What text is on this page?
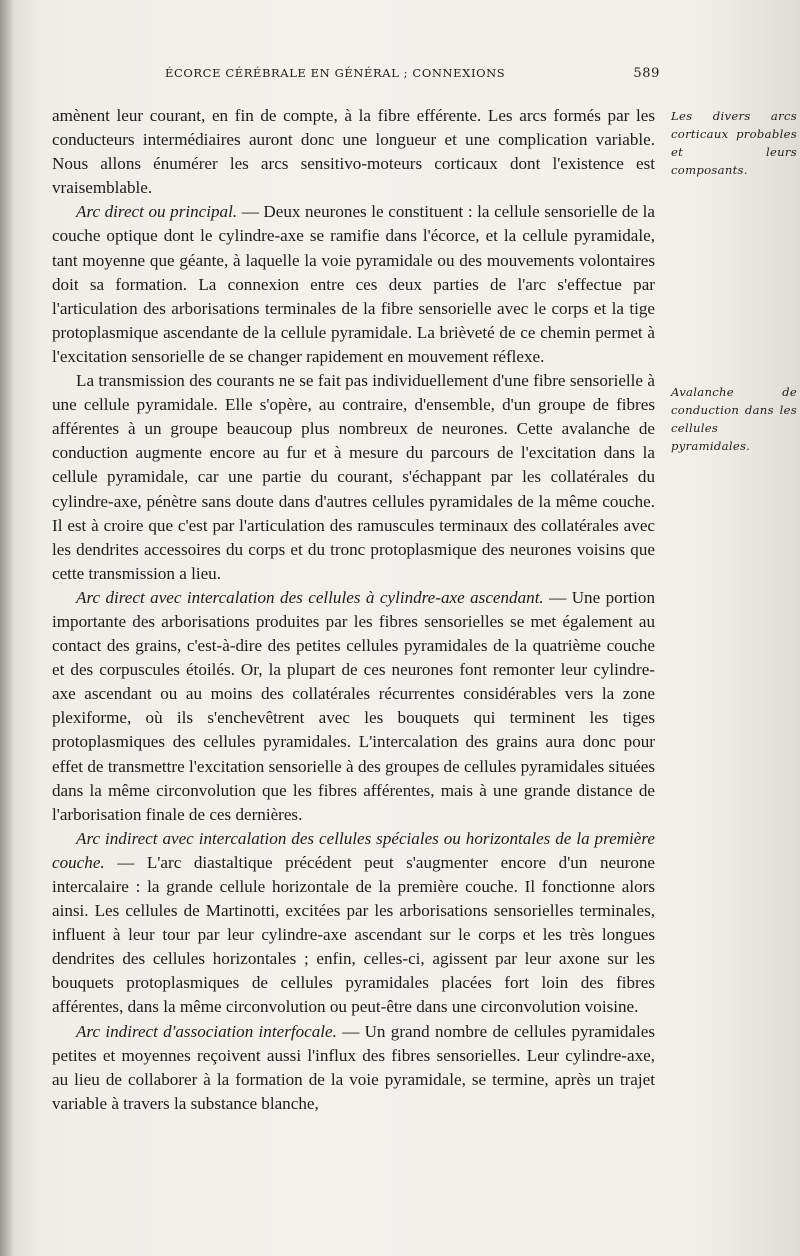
ÉCORCE CÉRÉBRALE EN GÉNÉRAL ; CONNEXIONS	589

amènent leur courant, en fin de compte, à la fibre efférente. Les arcs formés par les conducteurs intermédiaires auront donc une longueur et une complication variable. Nous allons énumérer les arcs sensitivo-moteurs corticaux dont l'existence est vraisemblable.

Arc direct ou principal. — Deux neurones le constituent : la cellule sensorielle de la couche optique dont le cylindre-axe se ramifie dans l'écorce, et la cellule pyramidale, tant moyenne que géante, à laquelle la voie pyramidale ou des mouvements volontaires doit sa formation. La connexion entre ces deux parties de l'arc s'effectue par l'articulation des arborisations terminales de la fibre sensorielle avec le corps et la tige protoplasmique ascendante de la cellule pyramidale. La brièveté de ce chemin permet à l'excitation sensorielle de se changer rapidement en mouvement réflexe.

La transmission des courants ne se fait pas individuellement d'une fibre sensorielle à une cellule pyramidale. Elle s'opère, au contraire, d'ensemble, d'un groupe de fibres afférentes à un groupe beaucoup plus nombreux de neurones. Cette avalanche de conduction augmente encore au fur et à mesure du parcours de l'excitation dans la cellule pyramidale, car une partie du courant, s'échappant par les collatérales du cylindre-axe, pénètre sans doute dans d'autres cellules pyramidales de la même couche. Il est à croire que c'est par l'articulation des ramuscules terminaux des collatérales avec les dendrites accessoires du corps et du tronc protoplasmique des neurones voisins que cette transmission a lieu.

Arc direct avec intercalation des cellules à cylindre-axe ascendant. — Une portion importante des arborisations produites par les fibres sensorielles se met également au contact des grains, c'est-à-dire des petites cellules pyramidales de la quatrième couche et des corpuscules étoilés. Or, la plupart de ces neurones font remonter leur cylindre-axe ascendant ou au moins des collatérales récurrentes considérables vers la zone plexiforme, où ils s'enchevêtrent avec les bouquets qui terminent les tiges protoplasmiques des cellules pyramidales. L'intercalation des grains aura donc pour effet de transmettre l'excitation sensorielle à des groupes de cellules pyramidales situées dans la même circonvolution que les fibres afférentes, mais à une grande distance de l'arborisation finale de ces dernières.

Arc indirect avec intercalation des cellules spéciales ou horizontales de la première couche. — L'arc diastaltique précédent peut s'augmenter encore d'un neurone intercalaire : la grande cellule horizontale de la première couche. Il fonctionne alors ainsi. Les cellules de Martinotti, excitées par les arborisations sensorielles terminales, influent à leur tour par leur cylindre-axe ascendant sur le corps et les très longues dendrites des cellules horizontales ; enfin, celles-ci, agissent par leur axone sur les bouquets protoplasmiques de cellules pyramidales placées fort loin des fibres afférentes, dans la même circonvolution ou peut-être dans une circonvolution voisine.

Arc indirect d'association interfocale. — Un grand nombre de cellules pyramidales petites et moyennes reçoivent aussi l'influx des fibres sensorielles. Leur cylindre-axe, au lieu de collaborer à la formation de la voie pyramidale, se termine, après un trajet variable à travers la substance blanche,

Les divers arcs corticaux probables et leurs composants.
Avalanche de conduction dans les cellules pyramidales.
